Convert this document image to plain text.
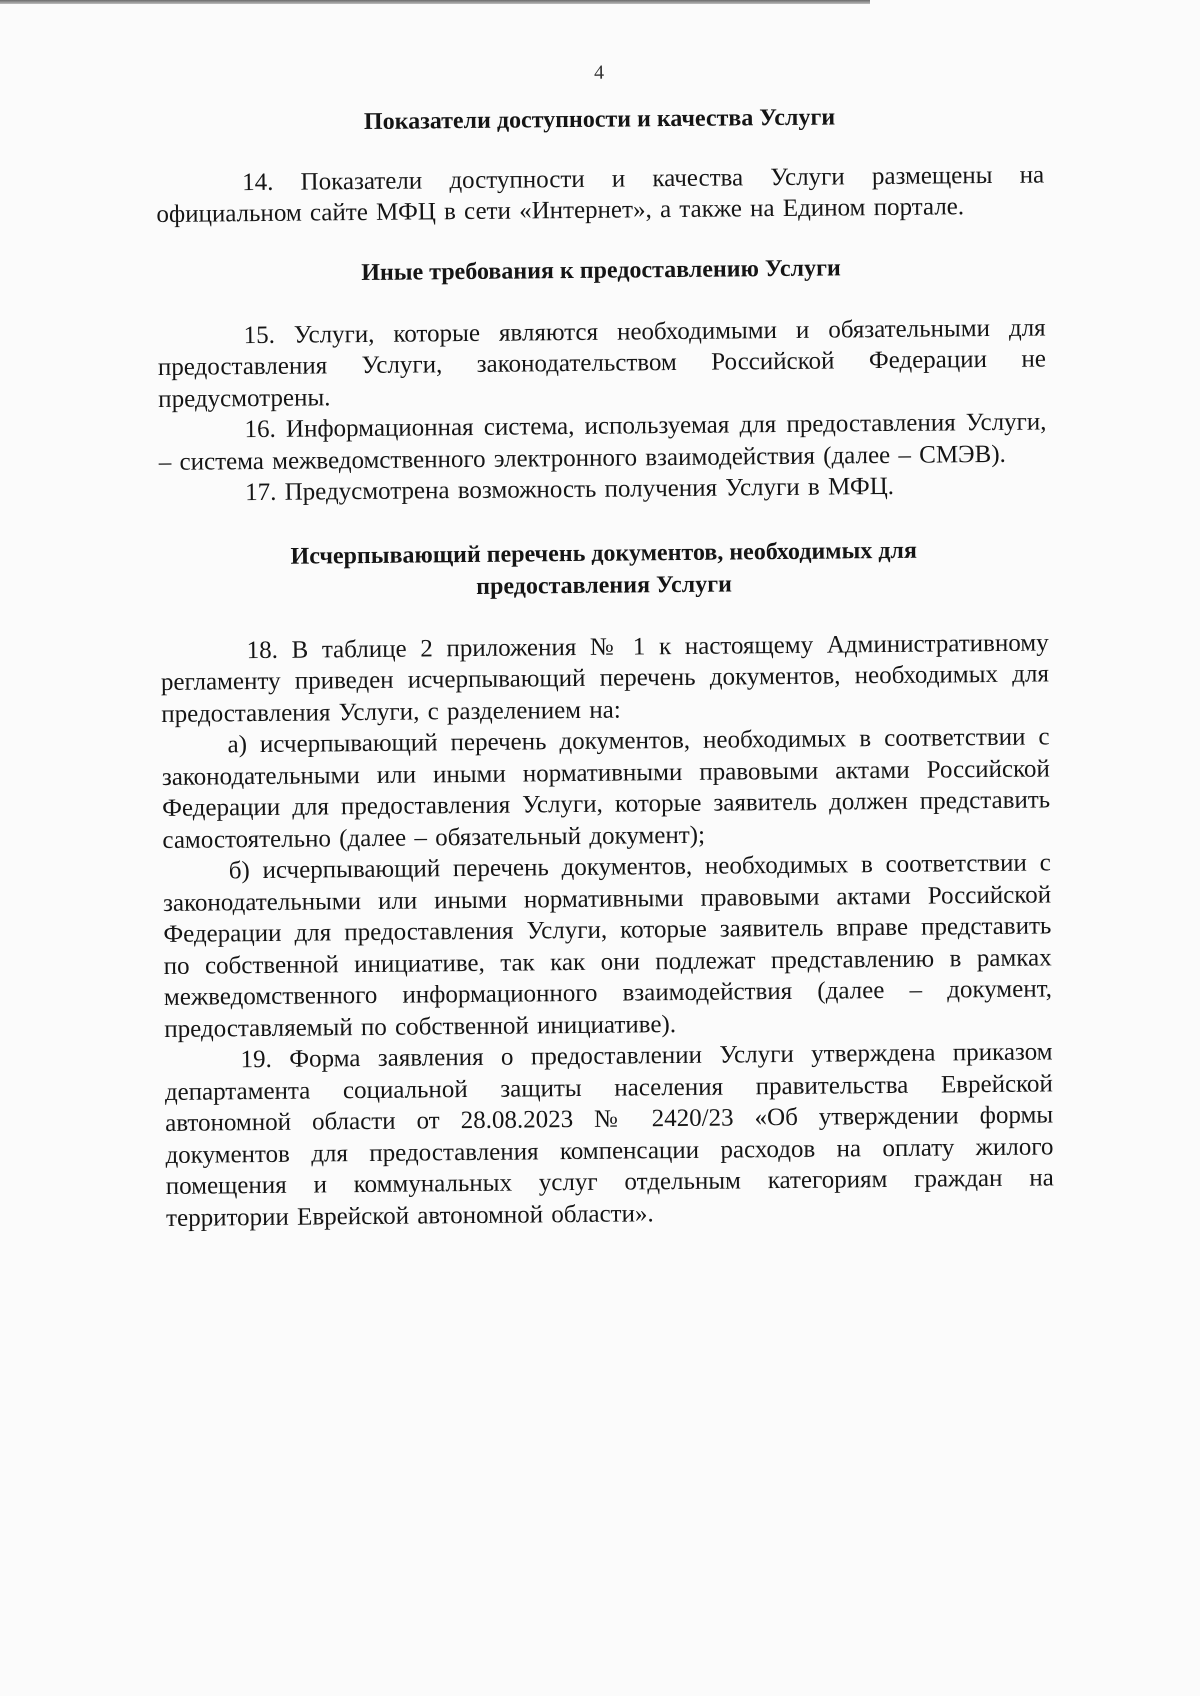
4
Показатели доступности и качества Услуги

14. Показатели доступности и качества Услуги размещены на официальном сайте МФЦ в сети «Интернет», а также на Едином портале.

Иные требования к предоставлению Услуги

15. Услуги, которые являются необходимыми и обязательными для предоставления Услуги, законодательством Российской Федерации не предусмотрены.

16. Информационная система, используемая для предоставления Услуги, – система межведомственного электронного взаимодействия (далее – СМЭВ).

17. Предусмотрена возможность получения Услуги в МФЦ.

Исчерпывающий перечень документов, необходимых для
предоставления Услуги

18. В таблице 2 приложения № 1 к настоящему Административному регламенту приведен исчерпывающий перечень документов, необходимых для предоставления Услуги, с разделением на:

а) исчерпывающий перечень документов, необходимых в соответствии с законодательными или иными нормативными правовыми актами Российской Федерации для предоставления Услуги, которые заявитель должен представить самостоятельно (далее – обязательный документ);

б) исчерпывающий перечень документов, необходимых в соответствии с законодательными или иными нормативными правовыми актами Российской Федерации для предоставления Услуги, которые заявитель вправе представить по собственной инициативе, так как они подлежат представлению в рамках межведомственного информационного взаимодействия (далее – документ, предоставляемый по собственной инициативе).

19. Форма заявления о предоставлении Услуги утверждена приказом департамента социальной защиты населения правительства Еврейской автономной области от 28.08.2023 № 2420/23 «Об утверждении формы документов для предоставления компенсации расходов на оплату жилого помещения и коммунальных услуг отдельным категориям граждан на территории Еврейской автономной области».
